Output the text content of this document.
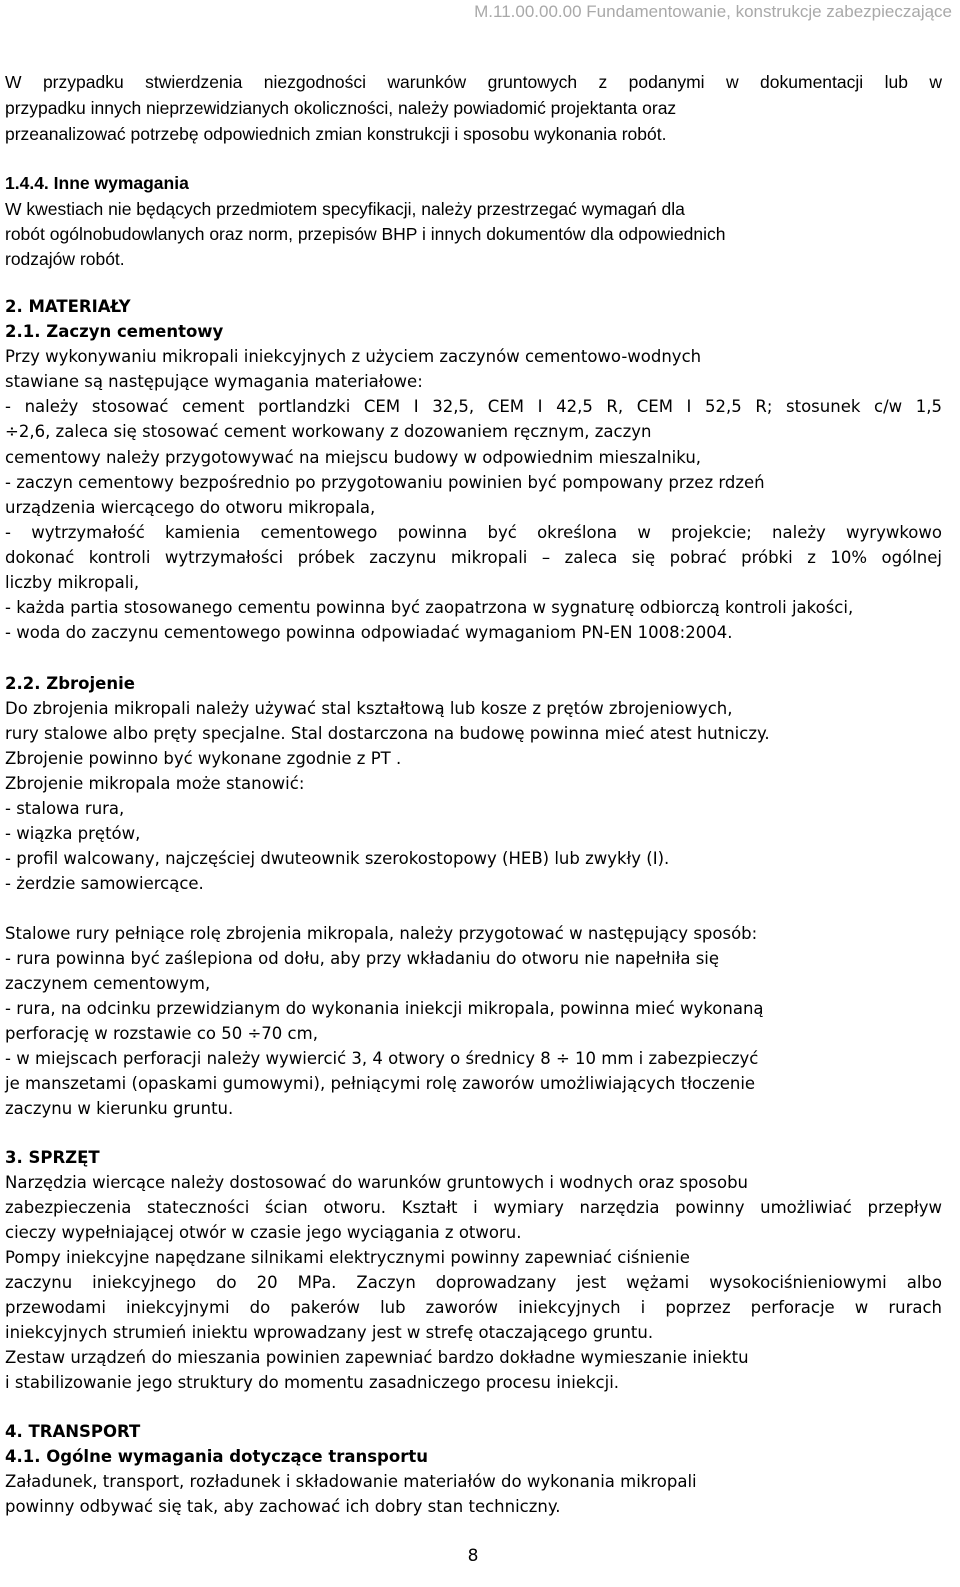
M.11.00.00.00 Fundamentowanie, konstrukcje zabezpieczające
W przypadku stwierdzenia niezgodności warunków gruntowych z podanymi w dokumentacji lub w
przypadku innych nieprzewidzianych okoliczności, należy powiadomić projektanta oraz
przeanalizować potrzebę odpowiednich zmian konstrukcji i sposobu wykonania robót.
1.4.4. Inne wymagania
W kwestiach nie będących przedmiotem specyfikacji, należy przestrzegać wymagań dla
robót ogólnobudowlanych oraz norm, przepisów BHP i innych dokumentów dla odpowiednich
rodzajów robót.
2. MATERIAŁY
2.1. Zaczyn cementowy
Przy wykonywaniu mikropali iniekcyjnych z użyciem zaczynów cementowo-wodnych
stawiane są następujące wymagania materiałowe:
- należy stosować cement portlandzki CEM I 32,5, CEM I 42,5 R, CEM I 52,5 R; stosunek c/w 1,5
÷2,6, zaleca się stosować cement workowany z dozowaniem ręcznym, zaczyn
cementowy należy przygotowywać na miejscu budowy w odpowiednim mieszalniku,
- zaczyn cementowy bezpośrednio po przygotowaniu powinien być pompowany przez rdzeń
urządzenia wiercącego do otworu mikropala,
- wytrzymałość kamienia cementowego powinna być określona w projekcie; należy wyrywkowo
dokonać kontroli wytrzymałości próbek zaczynu mikropali – zaleca się pobrać próbki z 10% ogólnej
liczby mikropali,
- każda partia stosowanego cementu powinna być zaopatrzona w sygnaturę odbiorczą kontroli jakości,
- woda do zaczynu cementowego powinna odpowiadać wymaganiom PN-EN 1008:2004.
2.2. Zbrojenie
Do zbrojenia mikropali należy używać stal kształtową lub kosze z prętów zbrojeniowych,
rury stalowe albo pręty specjalne. Stal dostarczona na budowę powinna mieć atest hutniczy.
Zbrojenie powinno być wykonane zgodnie z PT .
Zbrojenie mikropala może stanowić:
- stalowa rura,
- wiązka prętów,
- profil walcowany, najczęściej dwuteownik szerokostopowy (HEB) lub zwykły (I).
- żerdzie samowiercące.
Stalowe rury pełniące rolę zbrojenia mikropala, należy przygotować w następujący sposób:
- rura powinna być zaślepiona od dołu, aby przy wkładaniu do otworu nie napełniła się
zaczynem cementowym,
- rura, na odcinku przewidzianym do wykonania iniekcji mikropala, powinna mieć wykonaną
perforację w rozstawie co 50 ÷70 cm,
- w miejscach perforacji należy wywiercić 3, 4 otwory o średnicy 8 ÷ 10 mm i zabezpieczyć
je manszetami (opaskami gumowymi), pełniącymi rolę zaworów umożliwiających tłoczenie
zaczynu w kierunku gruntu.
3. SPRZĘT
Narzędzia wiercące należy dostosować do warunków gruntowych i wodnych oraz sposobu
zabezpieczenia stateczności ścian otworu. Kształt i wymiary narzędzia powinny umożliwiać przepływ
cieczy wypełniającej otwór w czasie jego wyciągania z otworu.
Pompy iniekcyjne napędzane silnikami elektrycznymi powinny zapewniać ciśnienie
zaczynu iniekcyjnego do 20 MPa. Zaczyn doprowadzany jest wężami wysokociśnieniowymi albo
przewodami iniekcyjnymi do pakerów lub zaworów iniekcyjnych i poprzez perforacje w rurach
iniekcyjnych strumień iniektu wprowadzany jest w strefę otaczającego gruntu.
Zestaw urządzeń do mieszania powinien zapewniać bardzo dokładne wymieszanie iniektu
i stabilizowanie jego struktury do momentu zasadniczego procesu iniekcji.
4. TRANSPORT
4.1. Ogólne wymagania dotyczące transportu
Załadunek, transport, rozładunek i składowanie materiałów do wykonania mikropali
powinny odbywać się tak, aby zachować ich dobry stan techniczny.
8
